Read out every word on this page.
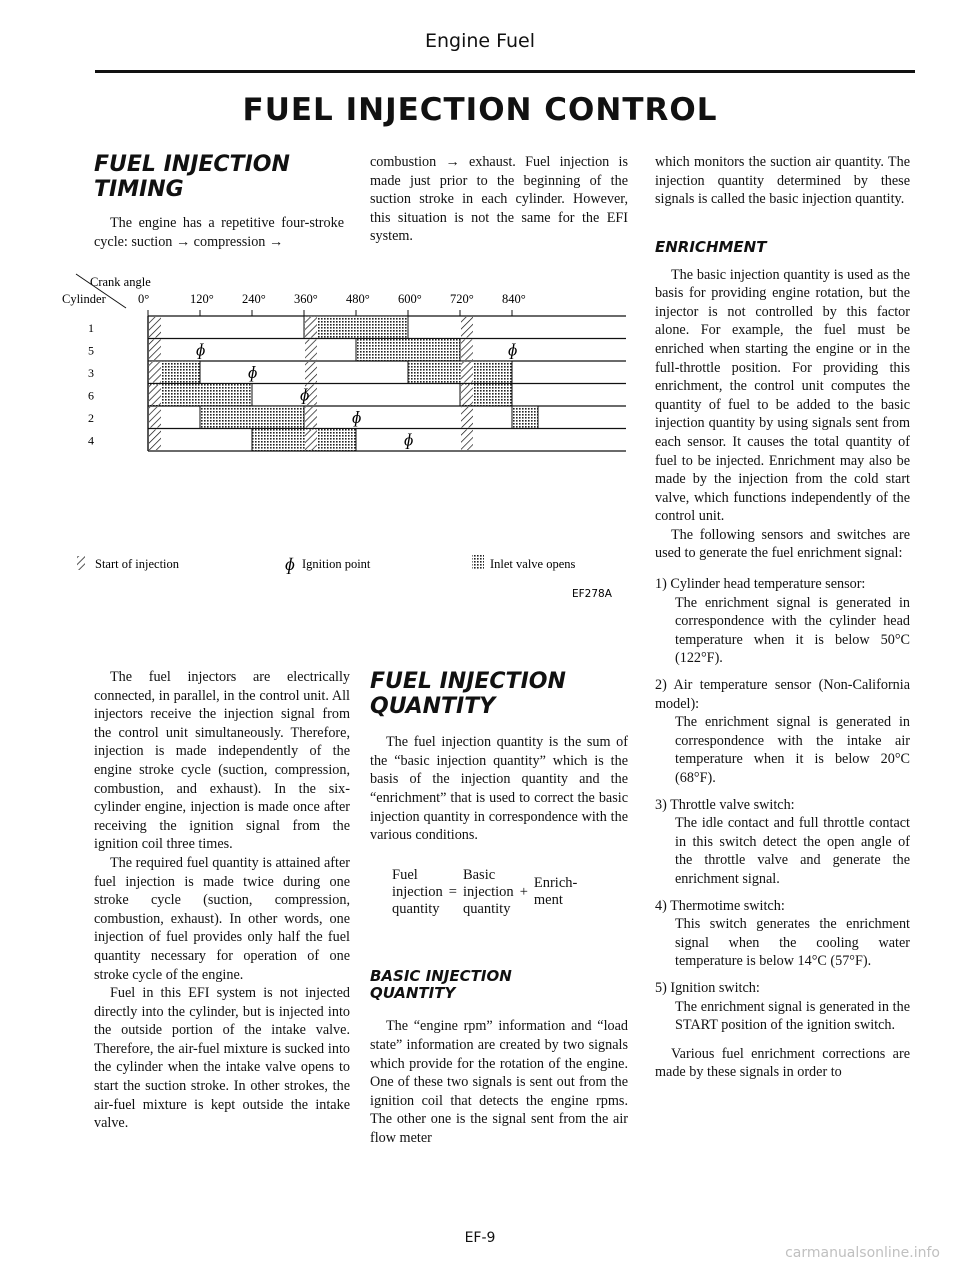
Engine Fuel
FUEL INJECTION CONTROL
FUEL INJECTION
TIMING

The engine has a repetitive four-stroke cycle: suction → compression →

combustion → exhaust. Fuel injection is made just prior to the beginning of the suction stroke in each cylinder. However, this situation is not the same for the EFI system.

which monitors the suction air quantity. The injection quantity determined by these signals is called the basic injection quantity.

ENRICHMENT

The basic injection quantity is used as the basis for providing engine rotation, but the injector is not controlled by this factor alone. For example, the fuel must be enriched when starting the engine or in the full-throttle position. For providing this enrichment, the control unit computes the quantity of fuel to be added to the basic injection quantity by using signals sent from each sensor. It causes the total quantity of fuel to be injected. Enrichment may also be made by the injection from the cold start valve, which functions independently of the control unit.

The following sensors and switches are used to generate the fuel enrichment signal:

1) Cylinder head temperature sensor:
The enrichment signal is generated in correspondence with the cylinder head temperature when it is below 50°C (122°F).
2) Air temperature sensor (Non-California model):
The enrichment signal is generated in correspondence with the intake air temperature when it is below 20°C (68°F).
3) Throttle valve switch:
The idle contact and full throttle contact in this switch detect the open angle of the throttle valve and generate the enrichment signal.
4) Thermotime switch:
This switch generates the enrichment signal when the cooling water temperature is below 14°C (57°F).
5) Ignition switch:
The enrichment signal is generated in the START position of the ignition switch.

Various fuel enrichment corrections are made by these signals in order to

Crank angle
Cylinder	0°	120° 240° 360° 480° 600° 720° 840°
1
5
3
6
2
4
ɸ	ɸ
ɸ
ɸ
ɸ
ɸ
Start of injection	ɸ Ignition point	Inlet valve opens
EF278A

The fuel injectors are electrically connected, in parallel, in the control unit. All injectors receive the injection signal from the control unit simultaneously. Therefore, injection is made independently of the engine stroke cycle (suction, compression, combustion, and exhaust). In the six-cylinder engine, injection is made once after receiving the ignition signal from the ignition coil three times.

The required fuel quantity is attained after fuel injection is made twice during one stroke cycle (suction, compression, combustion, exhaust). In other words, one injection of fuel provides only half the fuel quantity necessary for operation of one stroke cycle of the engine.

Fuel in this EFI system is not injected directly into the cylinder, but is injected into the outside portion of the intake valve. Therefore, the air-fuel mixture is sucked into the cylinder when the intake valve opens to start the suction stroke. In other strokes, the air-fuel mixture is kept outside the intake valve.

FUEL INJECTION
QUANTITY

The fuel injection quantity is the sum of the “basic injection quantity” which is the basis of the injection quantity and the “enrichment” that is used to correct the basic injection quantity in correspondence with the various conditions.

Fuel
injection
quantity
	=	
Basic
injection
quantity
	+	
Enrich-
ment
BASIC INJECTION
QUANTITY

The “engine rpm” information and “load state” information are created by two signals which provide for the rotation of the engine. One of these two signals is sent out from the ignition coil that detects the engine rpms. The other one is the signal sent from the air flow meter

EF-9
carmanualsonline.info
